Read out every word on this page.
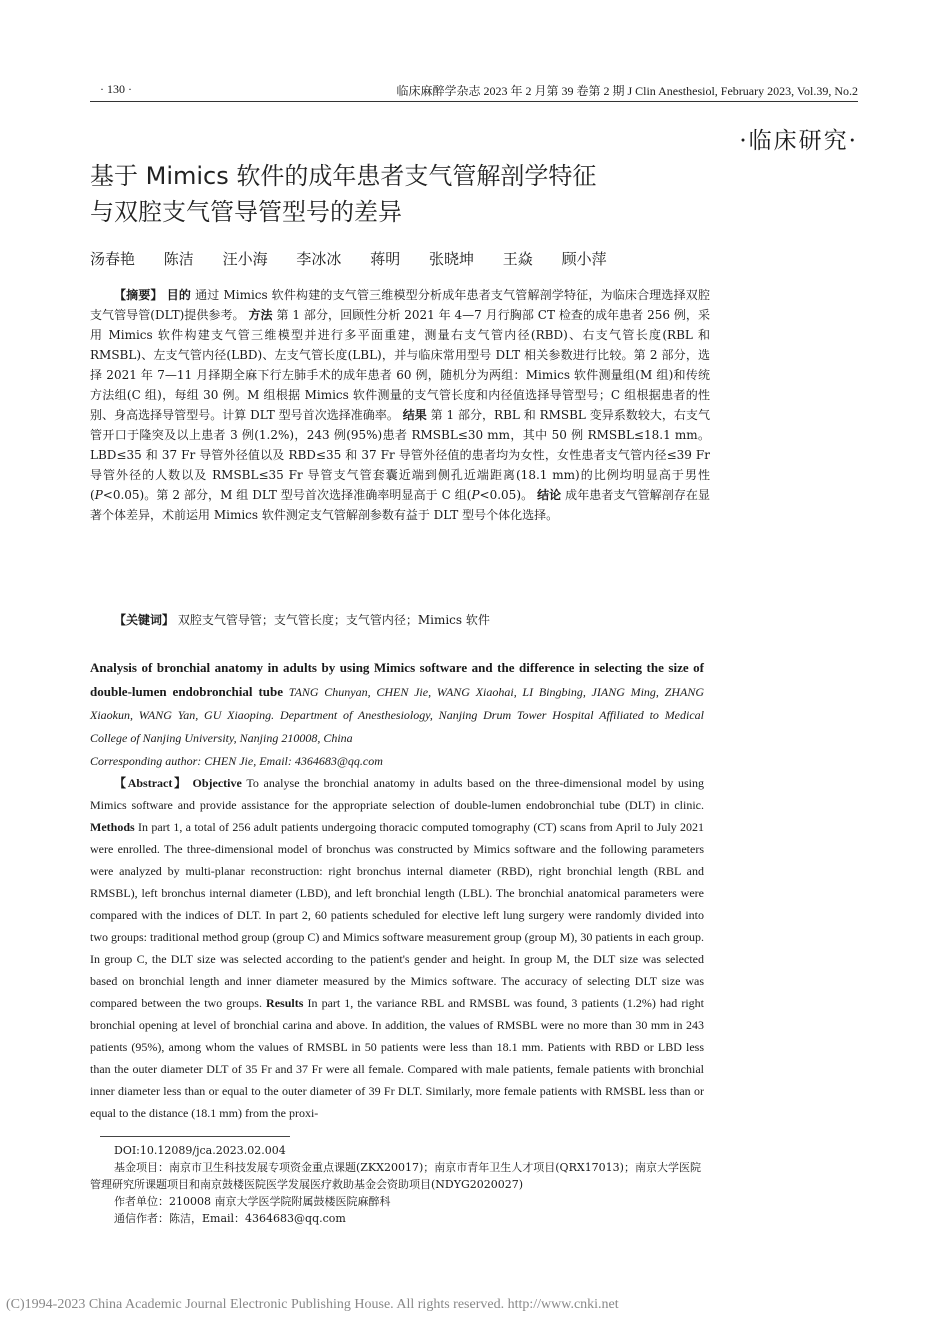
· 130 ·	临床麻醉学杂志 2023 年 2 月第 39 卷第 2 期 J Clin Anesthesiol, February 2023, Vol.39, No.2
·临床研究·
基于 Mimics 软件的成年患者支气管解剖学特征
与双腔支气管导管型号的差异
汤春艳 陈洁 汪小海 李冰冰 蒋明 张晓坤 王焱 顾小萍

【摘要】 目的 通过 Mimics 软件构建的支气管三维模型分析成年患者支气管解剖学特征，为临床合理选择双腔支气管导管(DLT)提供参考。 方法 第 1 部分，回顾性分析 2021 年 4—7 月行胸部 CT 检查的成年患者 256 例，采用 Mimics 软件构建支气管三维模型并进行多平面重建，测量右支气管内径(RBD)、右支气管长度(RBL 和 RMSBL)、左支气管内径(LBD)、左支气管长度(LBL)，并与临床常用型号 DLT 相关参数进行比较。第 2 部分，选择 2021 年 7—11 月择期全麻下行左肺手术的成年患者 60 例，随机分为两组：Mimics 软件测量组(M 组)和传统方法组(C 组)，每组 30 例。M 组根据 Mimics 软件测量的支气管长度和内径值选择导管型号；C 组根据患者的性别、身高选择导管型号。计算 DLT 型号首次选择准确率。 结果 第 1 部分，RBL 和 RMSBL 变异系数较大，右支气管开口于隆突及以上患者 3 例(1.2%)，243 例(95%)患者 RMSBL≤30 mm，其中 50 例 RMSBL≤18.1 mm。LBD≤35 和 37 Fr 导管外径值以及 RBD≤35 和 37 Fr 导管外径值的患者均为女性，女性患者支气管内径≤39 Fr 导管外径的人数以及 RMSBL≤35 Fr 导管支气管套囊近端到侧孔近端距离(18.1 mm)的比例均明显高于男性(P<0.05)。第 2 部分，M 组 DLT 型号首次选择准确率明显高于 C 组(P<0.05)。 结论 成年患者支气管解剖存在显著个体差异，术前运用 Mimics 软件测定支气管解剖参数有益于 DLT 型号个体化选择。

【关键词】 双腔支气管导管；支气管长度；支气管内径；Mimics 软件
Analysis of bronchial anatomy in adults by using Mimics software and the difference in selecting the size of double-lumen endobronchial tube TANG Chunyan, CHEN Jie, WANG Xiaohai, LI Bingbing, JIANG Ming, ZHANG Xiaokun, WANG Yan, GU Xiaoping. Department of Anesthesiology, Nanjing Drum Tower Hospital Affiliated to Medical College of Nanjing University, Nanjing 210008, China
Corresponding author: CHEN Jie, Email: 4364683@qq.com

【Abstract】 Objective To analyse the bronchial anatomy in adults based on the three-dimensional model by using Mimics software and provide assistance for the appropriate selection of double-lumen endobronchial tube (DLT) in clinic. Methods In part 1, a total of 256 adult patients undergoing thoracic computed tomography (CT) scans from April to July 2021 were enrolled. The three-dimensional model of bronchus was constructed by Mimics software and the following parameters were analyzed by multi-planar reconstruction: right bronchus internal diameter (RBD), right bronchial length (RBL and RMSBL), left bronchus internal diameter (LBD), and left bronchial length (LBL). The bronchial anatomical parameters were compared with the indices of DLT. In part 2, 60 patients scheduled for elective left lung surgery were randomly divided into two groups: traditional method group (group C) and Mimics software measurement group (group M), 30 patients in each group. In group C, the DLT size was selected according to the patient's gender and height. In group M, the DLT size was selected based on bronchial length and inner diameter measured by the Mimics software. The accuracy of selecting DLT size was compared between the two groups. Results In part 1, the variance RBL and RMSBL was found, 3 patients (1.2%) had right bronchial opening at level of bronchial carina and above. In addition, the values of RMSBL were no more than 30 mm in 243 patients (95%), among whom the values of RMSBL in 50 patients were less than 18.1 mm. Patients with RBD or LBD less than the outer diameter DLT of 35 Fr and 37 Fr were all female. Compared with male patients, female patients with bronchial inner diameter less than or equal to the outer diameter of 39 Fr DLT. Similarly, more female patients with RMSBL less than or equal to the distance (18.1 mm) from the proxi-

DOI:10.12089/jca.2023.02.004
基金项目：南京市卫生科技发展专项资金重点课题(ZKX20017)；南京市青年卫生人才项目(QRX17013)；南京大学医院管理研究所课题项目和南京鼓楼医院医学发展医疗救助基金会资助项目(NDYG2020027)
作者单位：210008 南京大学医学院附属鼓楼医院麻醉科
通信作者：陈洁，Email：4364683@qq.com
(C)1994-2023 China Academic Journal Electronic Publishing House. All rights reserved. http://www.cnki.net
